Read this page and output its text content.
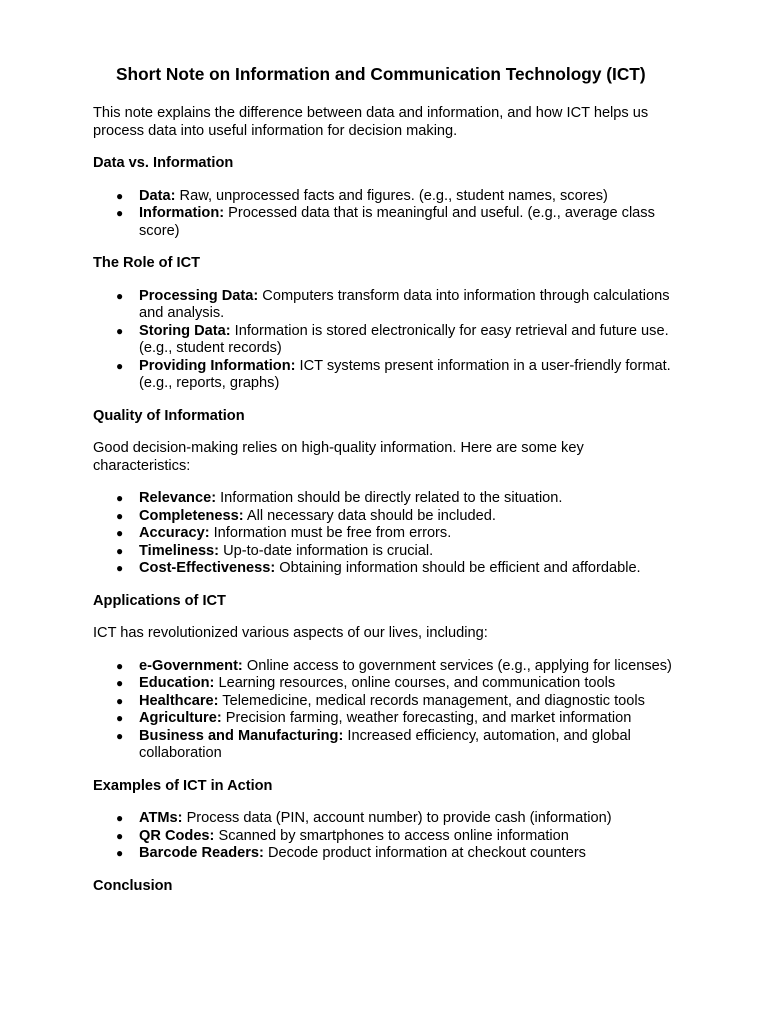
Short Note on Information and Communication Technology (ICT)

This note explains the difference between data and information, and how ICT helps us process data into useful information for decision making.

Data vs. Information
● Data: Raw, unprocessed facts and figures. (e.g., student names, scores)
● Information: Processed data that is meaningful and useful. (e.g., average class score)
The Role of ICT
● Processing Data: Computers transform data into information through calculations and analysis.
● Storing Data: Information is stored electronically for easy retrieval and future use. (e.g., student records)
● Providing Information: ICT systems present information in a user-friendly format. (e.g., reports, graphs)
Quality of Information

Good decision-making relies on high-quality information. Here are some key characteristics:

● Relevance: Information should be directly related to the situation.
● Completeness: All necessary data should be included.
● Accuracy: Information must be free from errors.
● Timeliness: Up-to-date information is crucial.
● Cost-Effectiveness: Obtaining information should be efficient and affordable.
Applications of ICT

ICT has revolutionized various aspects of our lives, including:

● e-Government: Online access to government services (e.g., applying for licenses)
● Education: Learning resources, online courses, and communication tools
● Healthcare: Telemedicine, medical records management, and diagnostic tools
● Agriculture: Precision farming, weather forecasting, and market information
● Business and Manufacturing: Increased efficiency, automation, and global collaboration
Examples of ICT in Action
● ATMs: Process data (PIN, account number) to provide cash (information)
● QR Codes: Scanned by smartphones to access online information
● Barcode Readers: Decode product information at checkout counters
Conclusion
